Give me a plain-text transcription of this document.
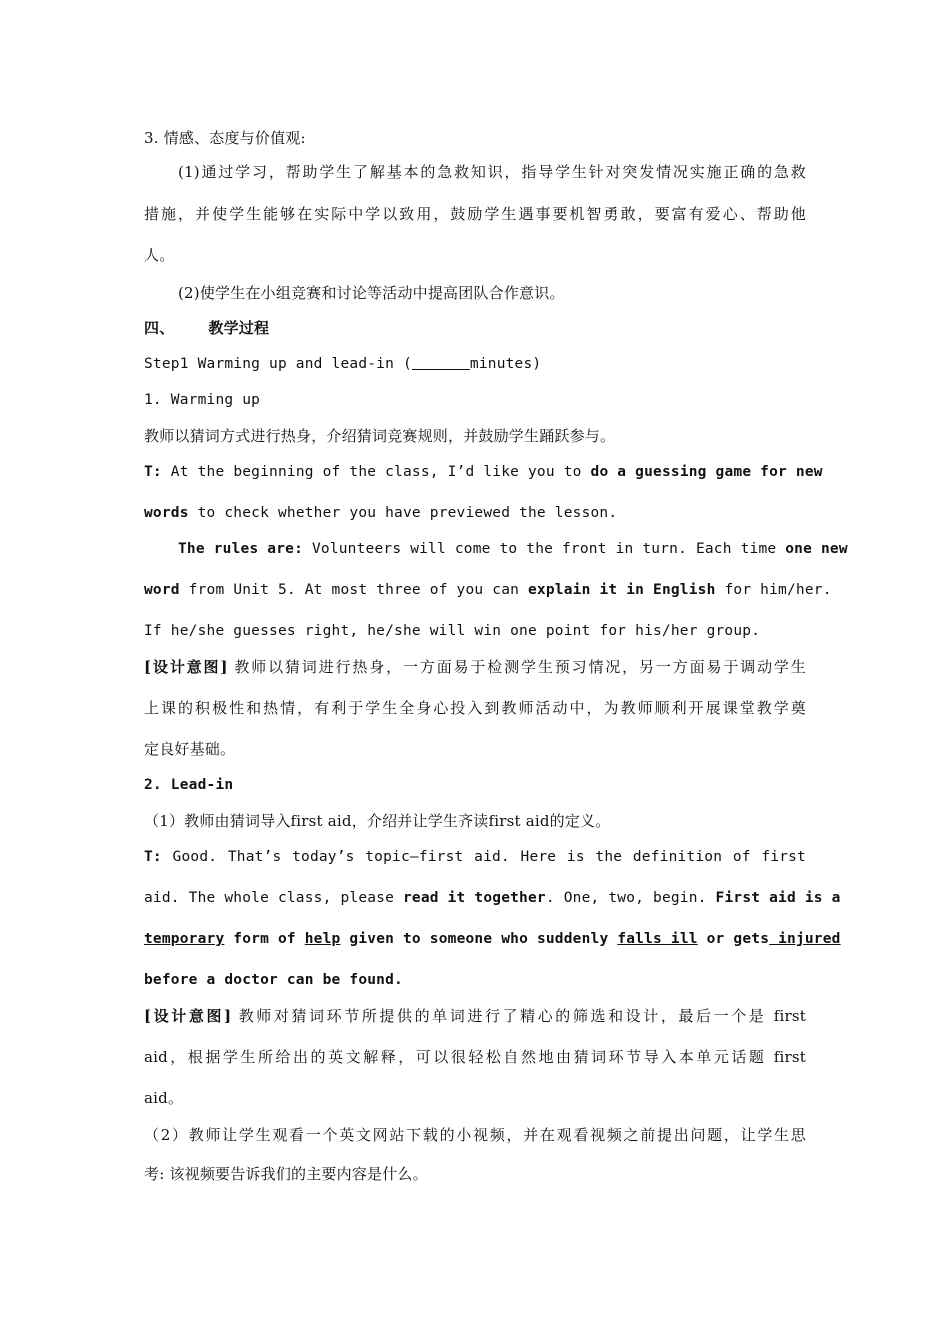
3. 情感、态度与价值观:
(1)通过学习，帮助学生了解基本的急救知识，指导学生针对突发情况实施正确的急救
措施，并使学生能够在实际中学以致用，鼓励学生遇事要机智勇敢，要富有爱心、帮助他
人。
(2)使学生在小组竞赛和讨论等活动中提高团队合作意识。
四、 教学过程
Step1 Warming up and lead-in (	minutes)
1. Warming up
教师以猜词方式进行热身，介绍猜词竞赛规则，并鼓励学生踊跃参与。
T: At the beginning of the class, I’d like you to do a guessing game for new
words to check whether you have previewed the lesson.
The rules are: Volunteers will come to the front in turn. Each time one new
word from Unit 5. At most three of you can explain it in English for him/her.
If he/she guesses right, he/she will win one point for his/her group.
[设计意图] 教师以猜词进行热身，一方面易于检测学生预习情况，另一方面易于调动学生
上课的积极性和热情，有利于学生全身心投入到教师活动中，为教师顺利开展课堂教学奠
定良好基础。
2. Lead-in
（1）教师由猜词导入first aid，介绍并让学生齐读first aid的定义。
T: Good. That’s today’s topic—first aid. Here is the definition of first
aid. The whole class, please read it together. One, two, begin. First aid is a
temporary form of help given to someone who suddenly falls ill or gets injured
before a doctor can be found.
[设计意图] 教师对猜词环节所提供的单词进行了精心的筛选和设计，最后一个是 first
aid，根据学生所给出的英文解释，可以很轻松自然地由猜词环节导入本单元话题 first
aid。
（2）教师让学生观看一个英文网站下载的小视频，并在观看视频之前提出问题，让学生思
考: 该视频要告诉我们的主要内容是什么。
